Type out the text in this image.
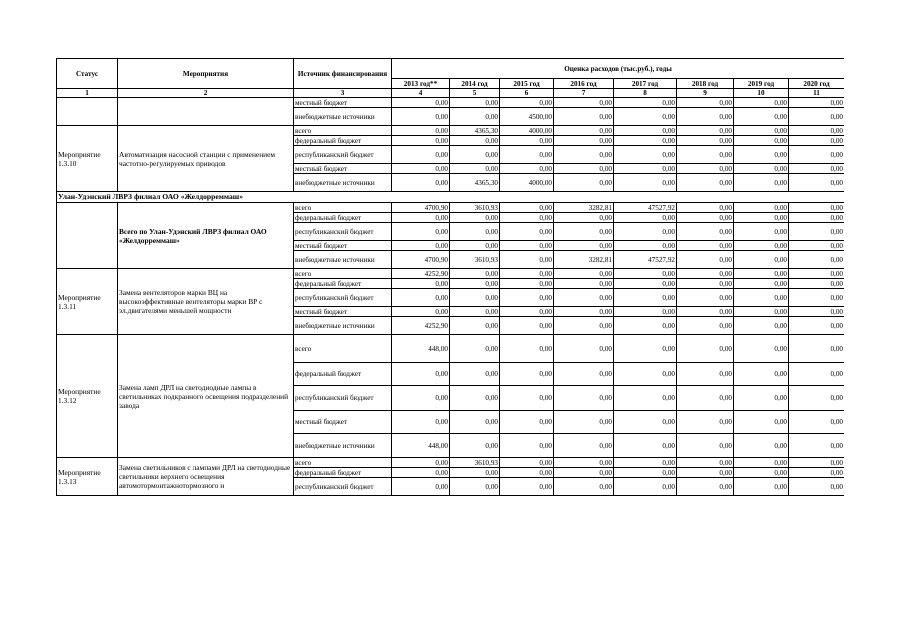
Статус	Мероприятия	Источник финансирования	Оценка расходов (тыс.руб.), годы							
			2013 год**	2014 год	2015 год	2016 год	2017 год	2018 год	2019 год	2020 год
1	2	3	4	5	6	7	8	9	10	11
		местный бюджет	0,00	0,00	0,00	0,00	0,00	0,00	0,00	0,00
		внебюджетные источники	0,00	0,00	4500,00	0,00	0,00	0,00	0,00	0,00
Мероприятие 1.3.10	Автоматизация насосной станции с применением частотно-регулируемых приводов	всего	0,00	4365,30	4000,00	0,00	0,00	0,00	0,00	0,00
		федеральный бюджет	0,00	0,00	0,00	0,00	0,00	0,00	0,00	0,00
		республиканский бюджет	0,00	0,00	0,00	0,00	0,00	0,00	0,00	0,00
		местный бюджет	0,00	0,00	0,00	0,00	0,00	0,00	0,00	0,00
		внебюджетные источники	0,00	4365,30	4000,00	0,00	0,00	0,00	0,00	0,00
Улан-Удэнский ЛВРЗ филиал ОАО «Желдорреммаш»										
	Всего по Улан-Удэнский ЛВРЗ филиал ОАО «Желдорреммаш»	всего	4700,90	3610,93	0,00	3282,81	47527,92	0,00	0,00	0,00
		федеральный бюджет	0,00	0,00	0,00	0,00	0,00	0,00	0,00	0,00
		республиканский бюджет	0,00	0,00	0,00	0,00	0,00	0,00	0,00	0,00
		местный бюджет	0,00	0,00	0,00	0,00	0,00	0,00	0,00	0,00
		внебюджетные источники	4700,90	3610,93	0,00	3282,81	47527,92	0,00	0,00	0,00
Мероприятие 1.3.11	Замена вентеляторов марки ВЦ на высокоэффективные вентеляторы марки ВР с эл.двигателями меньшей мощности	всего	4252,90	0,00	0,00	0,00	0,00	0,00	0,00	0,00
		федеральный бюджет	0,00	0,00	0,00	0,00	0,00	0,00	0,00	0,00
		республиканский бюджет	0,00	0,00	0,00	0,00	0,00	0,00	0,00	0,00
		местный бюджет	0,00	0,00	0,00	0,00	0,00	0,00	0,00	0,00
		внебюджетные источники	4252,90	0,00	0,00	0,00	0,00	0,00	0,00	0,00
Мероприятие 1.3.12	Замена ламп ДРЛ на светодиодные лампы в светильниках подкранного освещения подразделений завода	всего	448,00	0,00	0,00	0,00	0,00	0,00	0,00	0,00
		федеральный бюджет	0,00	0,00	0,00	0,00	0,00	0,00	0,00	0,00
		республиканский бюджет	0,00	0,00	0,00	0,00	0,00	0,00	0,00	0,00
		местный бюджет	0,00	0,00	0,00	0,00	0,00	0,00	0,00	0,00
		внебюджетные источники	448,00	0,00	0,00	0,00	0,00	0,00	0,00	0,00
Мероприятие 1.3.13	Замена светильников с лампами ДРЛ на светодиодные светильники верхнего освещения автомотормонтажнотормозного и	всего	0,00	3610,93	0,00	0,00	0,00	0,00	0,00	0,00
		федеральный бюджет	0,00	0,00	0,00	0,00	0,00	0,00	0,00	0,00
		республиканский бюджет	0,00	0,00	0,00	0,00	0,00	0,00	0,00	0,00
